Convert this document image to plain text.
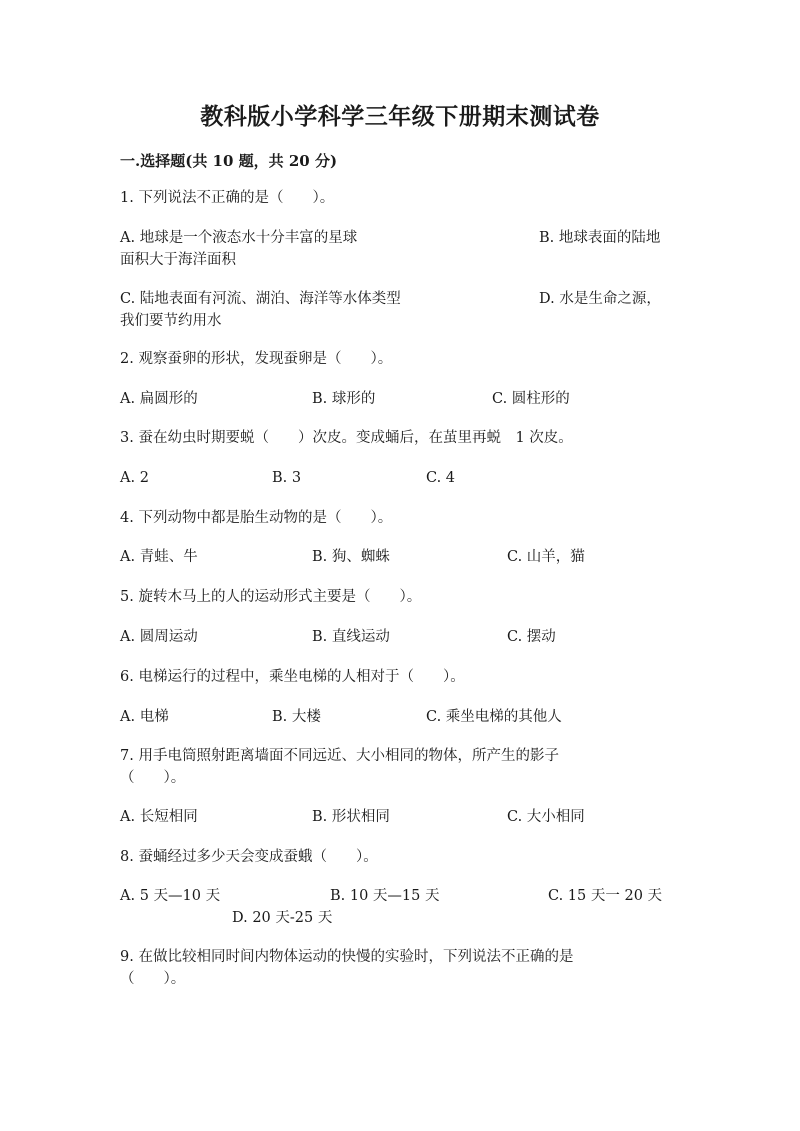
教科版小学科学三年级下册期末测试卷
一.选择题(共 10 题，共 20 分)
1. 下列说法不正确的是（　　）。
A. 地球是一个液态水十分丰富的星球	B. 地球表面的陆地
面积大于海洋面积
C. 陆地表面有河流、湖泊、海洋等水体类型	D. 水是生命之源，
我们要节约用水
2. 观察蚕卵的形状，发现蚕卵是（　　）。
A. 扁圆形的	B. 球形的	C. 圆柱形的
3. 蚕在幼虫时期要蜕（　　）次皮。变成蛹后，在茧里再蜕　1 次皮。
A. 2	B. 3	C. 4
4. 下列动物中都是胎生动物的是（　　）。
A. 青蛙、牛	B. 狗、蜘蛛	C. 山羊，猫
5. 旋转木马上的人的运动形式主要是（　　）。
A. 圆周运动	B. 直线运动	C. 摆动
6. 电梯运行的过程中，乘坐电梯的人相对于（　　）。
A. 电梯	B. 大楼	C. 乘坐电梯的其他人
7. 用手电筒照射距离墙面不同远近、大小相同的物体，所产生的影子
（　　）。
A. 长短相同	B. 形状相同	C. 大小相同
8. 蚕蛹经过多少天会变成蚕蛾（　　）。
A. 5 天—10 天	B. 10 天—15 天	C. 15 天一 20 天
D. 20 天-25 天
9. 在做比较相同时间内物体运动的快慢的实验时，下列说法不正确的是
（　　）。
